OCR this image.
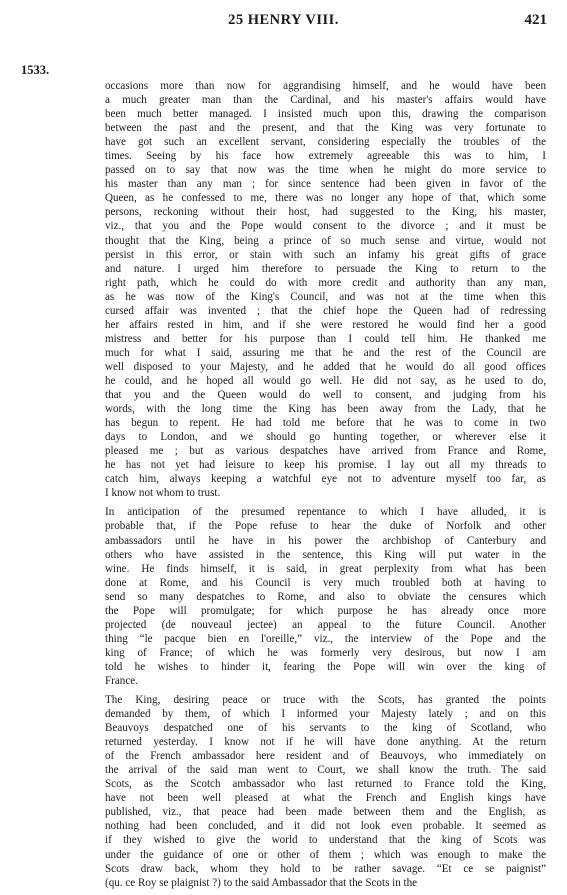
25 HENRY VIII.	421
1533.
occasions more than now for aggrandising himself, and he would have been
a much greater man than the Cardinal, and his master's affairs would have
been much better managed. I insisted much upon this, drawing the comparison
between the past and the present, and that the King was very fortunate to
have got such an excellent servant, considering especially the troubles of the
times. Seeing by his face how extremely agreeable this was to him, I
passed on to say that now was the time when he might do more service to
his master than any man ; for since sentence had been given in favor of the
Queen, as he confessed to me, there was no longer any hope of that, which some
persons, reckoning without their host, had suggested to the King, his master,
viz., that you and the Pope would consent to the divorce ; and it must be
thought that the King, being a prince of so much sense and virtue, would not
persist in this error, or stain with such an infamy his great gifts of grace
and nature. I urged him therefore to persuade the King to return to the
right path, which he could do with more credit and authority than any man,
as he was now of the King's Council, and was not at the time when this
cursed affair was invented ; that the chief hope the Queen had of redressing
her affairs rested in him, and if she were restored he would find her a good
mistress and better for his purpose than I could tell him. He thanked me
much for what I said, assuring me that he and the rest of the Council are
well disposed to your Majesty, and he added that he would do all good offices
he could, and he hoped all would go well. He did not say, as he used to do,
that you and the Queen would do well to consent, and judging from his
words, with the long time the King has been away from the Lady, that he
has begun to repent. He had told me before that he was to come in two
days to London, and we should go hunting together, or wherever else it
pleased me ; but as various despatches have arrived from France and Rome,
he has not yet had leisure to keep his promise. I lay out all my threads to
catch him, always keeping a watchful eye not to adventure myself too far, as
I know not whom to trust.
In anticipation of the presumed repentance to which I have alluded, it is
probable that, if the Pope refuse to hear the duke of Norfolk and other
ambassadors until he have in his power the archbishop of Canterbury and
others who have assisted in the sentence, this King will put water in the
wine. He finds himself, it is said, in great perplexity from what has been
done at Rome, and his Council is very much troubled both at having to
send so many despatches to Rome, and also to obviate the censures which
the Pope will promulgate; for which purpose he has already once more
projected (de nouveaul jectee) an appeal to the future Council. Another
thing “le pacque bien en l'oreille,” viz., the interview of the Pope and the
king of France; of which he was formerly very desirous, but now I am
told he wishes to hinder it, fearing the Pope will win over the king of
France.
The King, desiring peace or truce with the Scots, has granted the points
demanded by them, of which I informed your Majesty lately ; and on this
Beauvoys despatched one of his servants to the king of Scotland, who
returned yesterday. I know not if he will have done anything. At the return
of the French ambassador here resident and of Beauvoys, who immediately on
the arrival of the said man went to Court, we shall know the truth. The said
Scots, as the Scotch ambassador who last returned to France told the King,
have not been well pleased at what the French and English kings have
published, viz., that peace had been made between them and the English, as
nothing had been concluded, and it did not look even probable. It seemed as
if they wished to give the world to understand that the king of Scots was
under the guidance of one or other of them ; which was enough to make the
Scots draw back, whom they hold to be rather savage. “Et ce se paignist”
(qu. ce Roy se plaignist ?) to the said Ambassador that the Scots in the
